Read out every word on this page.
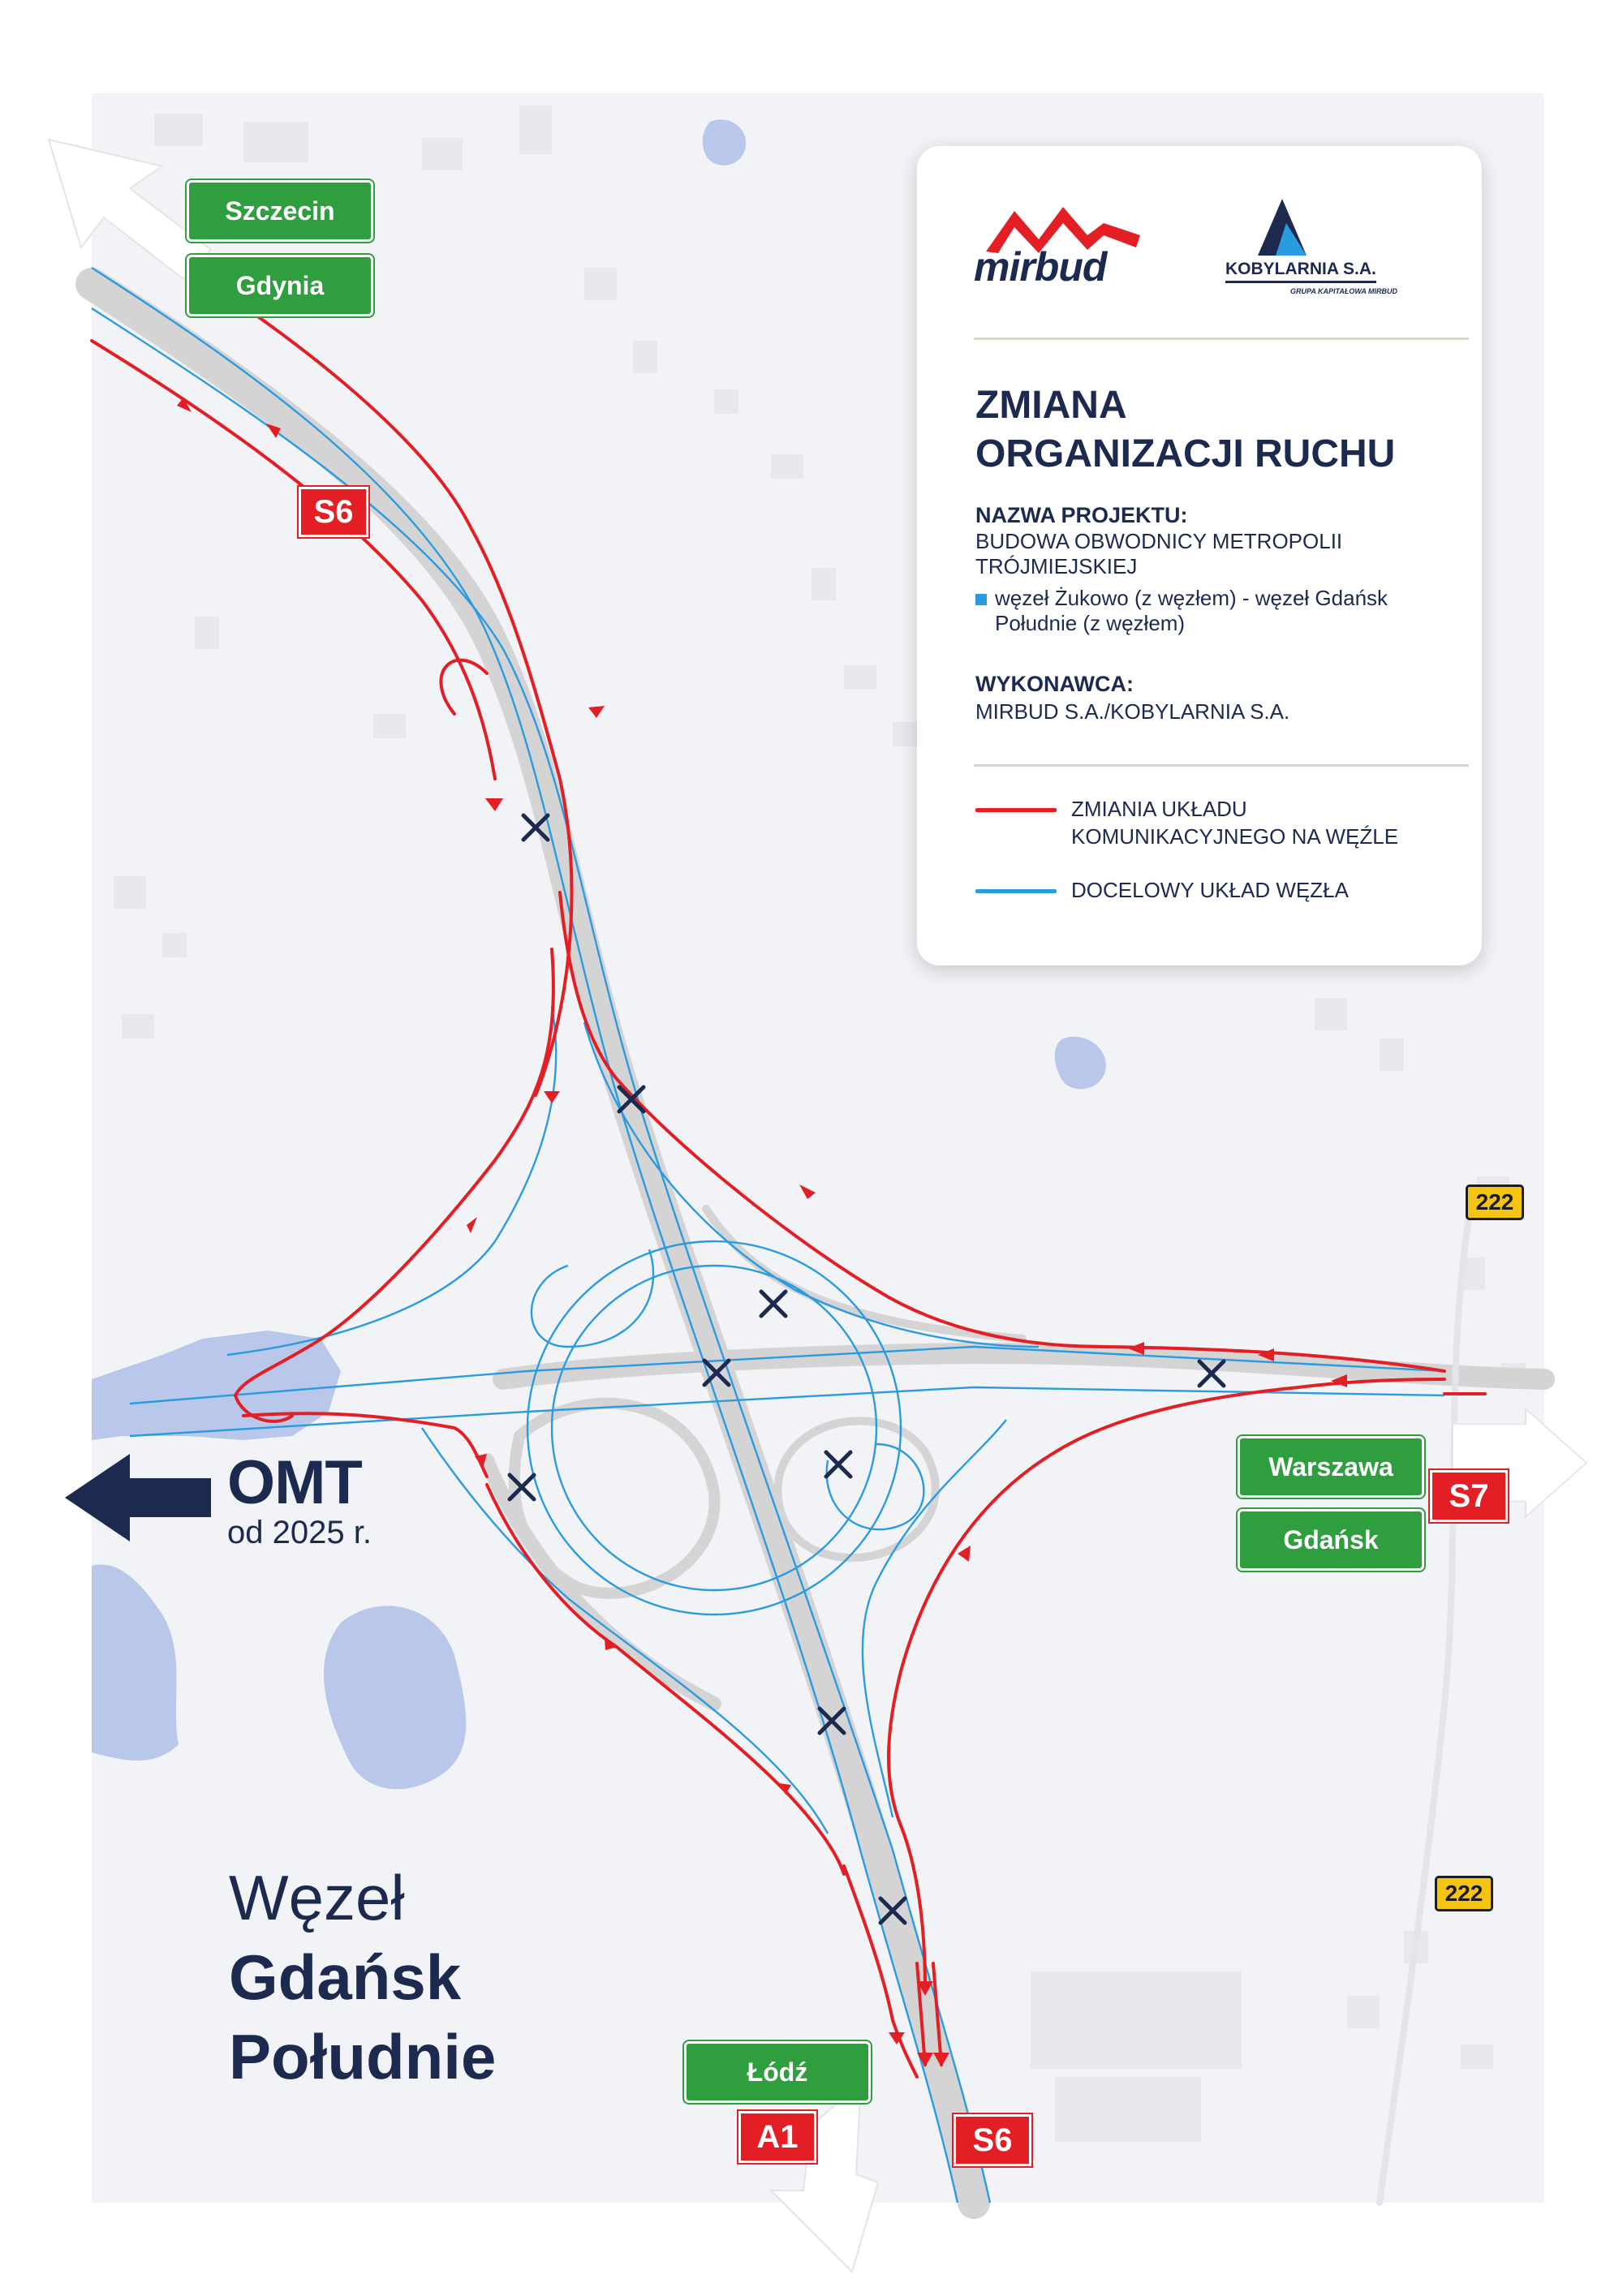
Szczecin
Gdynia
S6
Warszawa
Gdańsk
S7
222
222
Łódź
A1	S6
OMT
od 2025 r.
Węzeł
Gdańsk
Południe
mirbud	KOBYLARNIA S.A.
GRUPA KAPITAŁOWA MIRBUD
ZMIANA
ORGANIZACJI RUCHU
NAZWA PROJEKTU:
BUDOWA OBWODNICY METROPOLII
TRÓJMIEJSKIEJ
węzeł Żukowo (z węzłem) - węzeł Gdańsk
Południe (z węzłem)
WYKONAWCA:
MIRBUD S.A./KOBYLARNIA S.A.
ZMIANIA UKŁADU
KOMUNIKACYJNEGO NA WĘŹLE
DOCELOWY UKŁAD WĘZŁA
